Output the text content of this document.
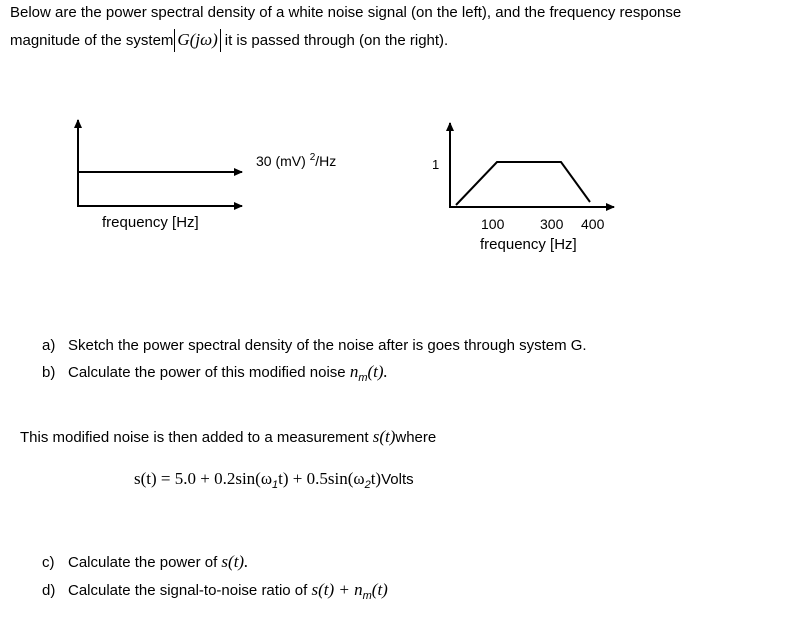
Below are the power spectral density of a white noise signal (on the left), and the frequency response
magnitude of the system G(jω) it is passed through (on the right).
30 (mV) $^2$/Hz
frequency [Hz]
1
100	300 400
frequency [Hz]
a) Sketch the power spectral density of the noise after is goes through system G.
b) Calculate the power of this modified noise $n_m(t)$.
This modified noise is then added to a measurement s(t)where
$s(t) = 5.0 + 0.2\sin(\omega_1t)$ + $0.5\sin(\omega_2t)Volts$
c) Calculate the power of s(t).
d) Calculate the signal-to-noise ratio of $s(t) + n_m(t)$
